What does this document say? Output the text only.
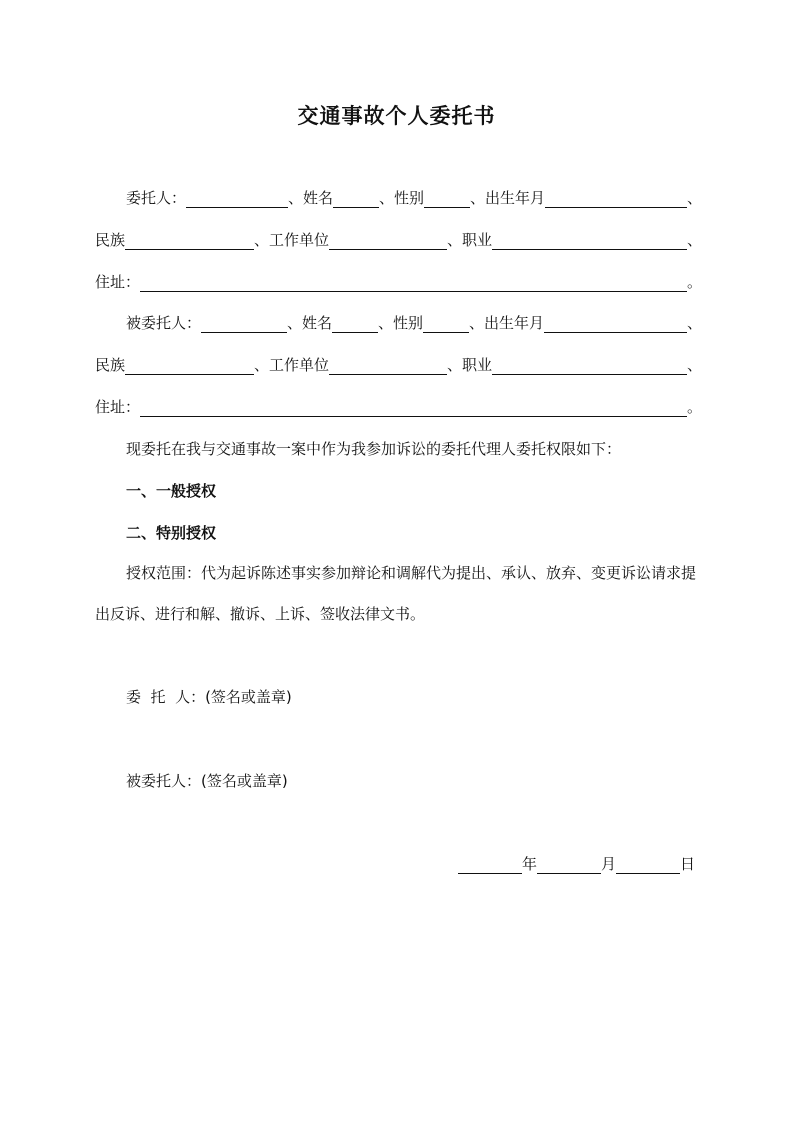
交通事故个人委托书
委托人：	、姓名	、性别	、出生年月	、
民族	、工作单位	、职业	、
住址：	。
被委托人：	、姓名	、性别	、出生年月	、
民族	、工作单位	、职业	、
住址：	。
现委托在我与交通事故一案中作为我参加诉讼的委托代理人委托权限如下：
一、一般授权
二、特别授权
授权范围：代为起诉陈述事实参加辩论和调解代为提出、承认、放弃、变更诉讼请求提出反诉、进行和解、撤诉、上诉、签收法律文书。
委  托  人：(签名或盖章)
被委托人：(签名或盖章)
年	月	日
